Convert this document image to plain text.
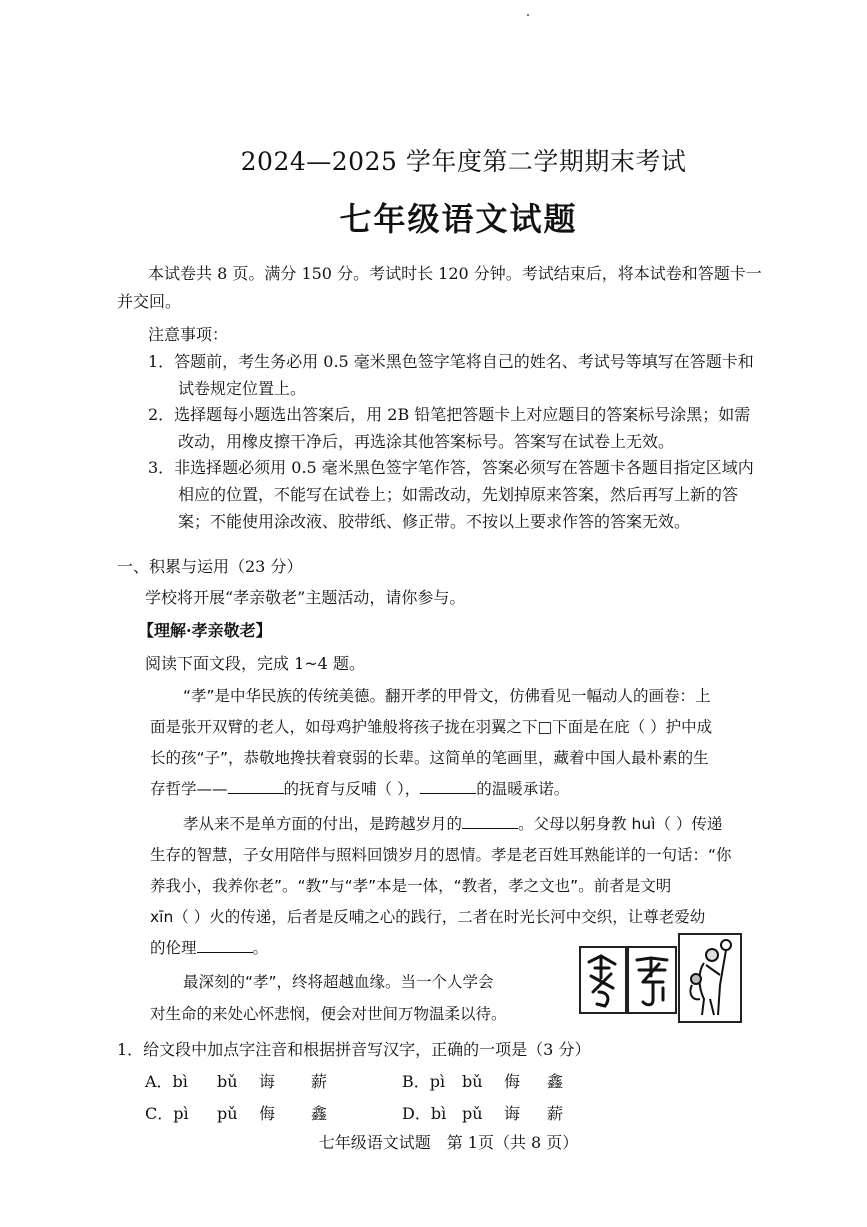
2024—2025 学年度第二学期期末考试
七年级语文试题
本试卷共 8 页。满分 150 分。考试时长 120 分钟。考试结束后，将本试卷和答题卡一
并交回。
注意事项：
1．答题前，考生务必用 0.5 毫米黑色签字笔将自己的姓名、考试号等填写在答题卡和
试卷规定位置上。
2．选择题每小题选出答案后，用 2B 铅笔把答题卡上对应题目的答案标号涂黑；如需
改动，用橡皮擦干净后，再选涂其他答案标号。答案写在试卷上无效。
3．非选择题必须用 0.5 毫米黑色签字笔作答，答案必须写在答题卡各题目指定区域内
相应的位置，不能写在试卷上；如需改动，先划掉原来答案，然后再写上新的答
案；不能使用涂改液、胶带纸、修正带。不按以上要求作答的答案无效。
一、积累与运用（23 分）
学校将开展“孝亲敬老”主题活动，请你参与。
【理解·孝亲敬老】
阅读下面文段，完成 1~4 题。
“孝”是中华民族的传统美德。翻开孝的甲骨文，仿佛看见一幅动人的画卷：上
面是张开双臂的老人，如母鸡护雏般将孩子拢在羽翼之下□下面是在庇（ ）护中成
长的孩“子”，恭敬地搀扶着衰弱的长辈。这简单的笔画里，藏着中国人最朴素的生
存哲学——	的抚育与反哺（ ），	的温暖承诺。
孝从来不是单方面的付出，是跨越岁月的	。父母以躬身教 huì（ ）传递
生存的智慧，子女用陪伴与照料回馈岁月的恩情。孝是老百姓耳熟能详的一句话：“你
养我小，我养你老”。“教”与“孝”本是一体，“教者，孝之文也”。前者是文明
xīn（ ）火的传递，后者是反哺之心的践行，二者在时光长河中交织，让尊老爱幼
的伦理	。
最深刻的“孝”，终将超越血缘。当一个人学会
对生命的来处心怀悲悯，便会对世间万物温柔以待。
1．给文段中加点字注音和根据拼音写汉字，正确的一项是（3 分）
A．bì bǔ 诲 薪	B．pì bǔ 侮 鑫
C．pì pǔ 侮 鑫	D．bì pǔ 诲 薪
七年级语文试题　第 1页（共 8 页）
